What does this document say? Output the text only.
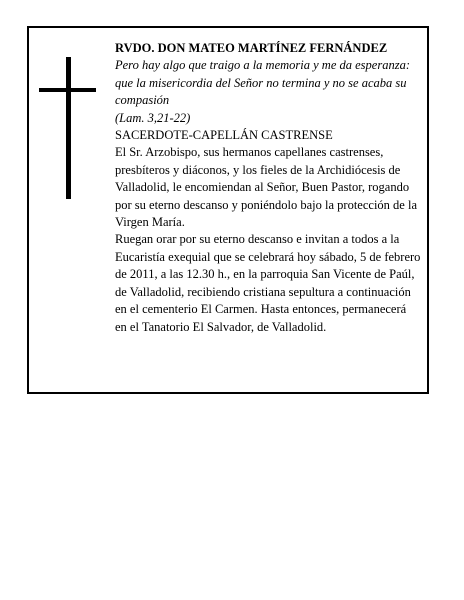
RVDO. DON MATEO MARTÍNEZ FERNÁNDEZ

Pero hay algo que traigo a la memoria y me da esperanza: que la misericordia del Señor no termina y no se acaba su compasión

(Lam. 3,21-22)

SACERDOTE-CAPELLÁN CASTRENSE

El Sr. Arzobispo, sus hermanos capellanes castrenses, presbíteros y diáconos, y los fieles de la Archidiócesis de Valladolid, le encomiendan al Señor, Buen Pastor, rogando por su eterno descanso y poniéndolo bajo la protección de la Virgen María.

Ruegan orar por su eterno descanso e invitan a todos a la Eucaristía exequial que se celebrará hoy sábado, 5 de febrero de 2011, a las 12.30 h., en la parroquia San Vicente de Paúl, de Valladolid, recibiendo cristiana sepultura a continuación en el cementerio El Carmen. Hasta entonces, permanecerá en el Tanatorio El Salvador, de Valladolid.
